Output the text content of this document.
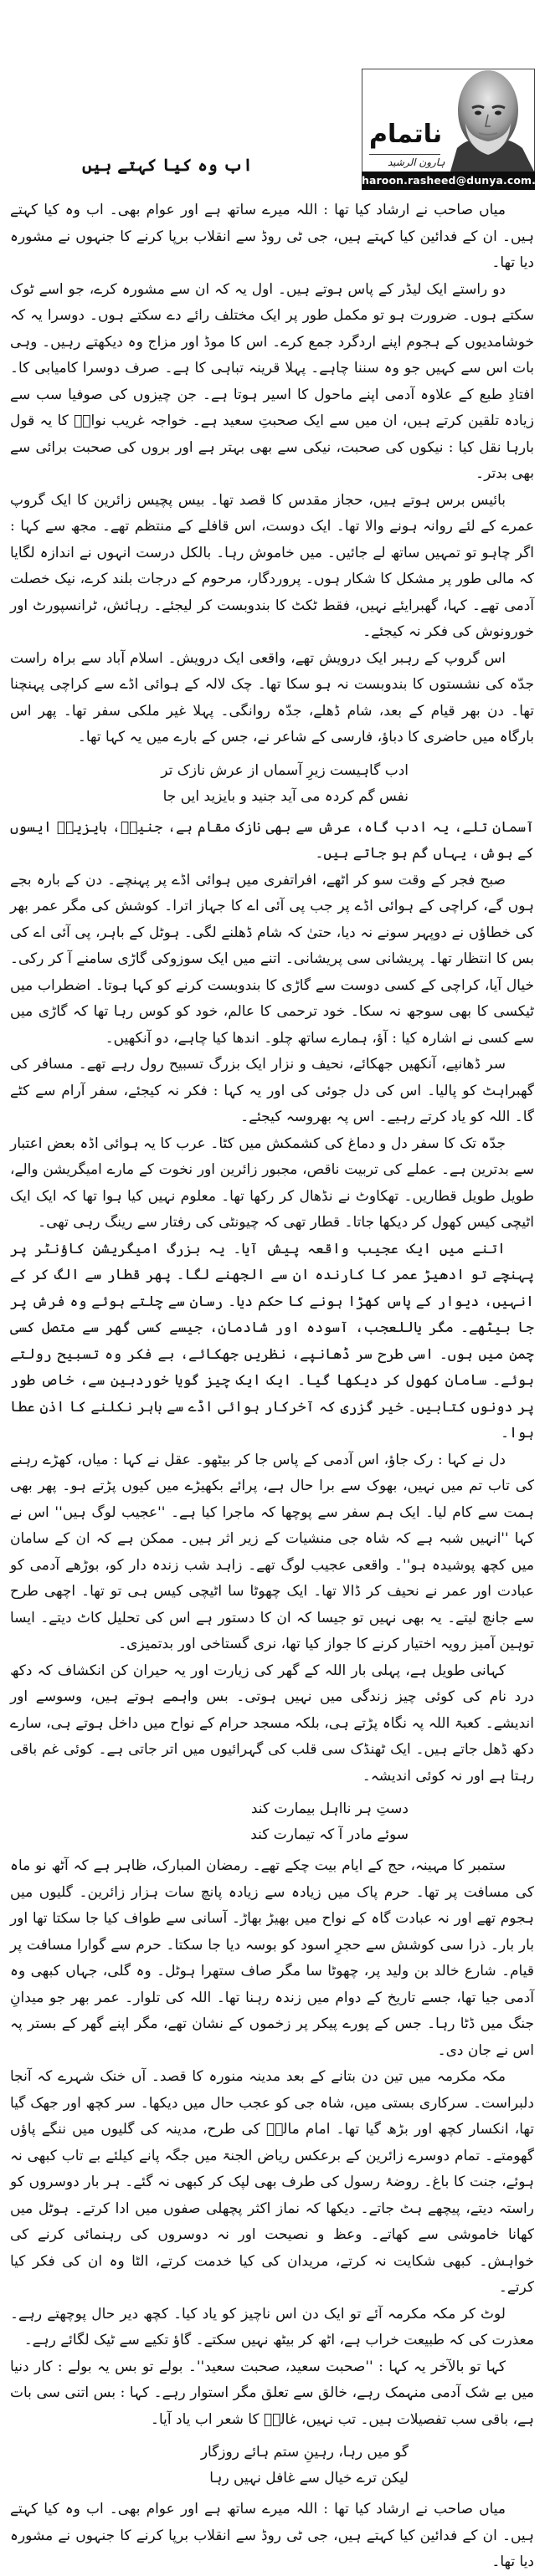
ناتمام
ہارون الرشید
haroon.rasheed@dunya.com.pk
اب وہ کیا کہتے ہیں

میاں صاحب نے ارشاد کیا تھا : اللہ میرے ساتھ ہے اور عوام بھی۔ اب وہ کیا کہتے ہیں۔ ان کے فدائین کیا کہتے ہیں، جی ٹی روڈ سے انقلاب برپا کرنے کا جنہوں نے مشورہ دیا تھا۔

دو راستے ایک لیڈر کے پاس ہوتے ہیں۔ اول یہ کہ ان سے مشورہ کرے، جو اسے ٹوک سکتے ہوں۔ ضرورت ہو تو مکمل طور پر ایک مختلف رائے دے سکتے ہوں۔ دوسرا یہ کہ خوشامدیوں کے ہجوم اپنے اردگرد جمع کرے۔ اس کا موڈ اور مزاج وہ دیکھتے رہیں۔ وہی بات اس سے کہیں جو وہ سننا چاہے۔ پہلا قرینہ تباہی کا ہے۔ صرف دوسرا کامیابی کا۔ افتادِ طبع کے علاوہ آدمی اپنے ماحول کا اسیر ہوتا ہے۔ جن چیزوں کی صوفیا سب سے زیادہ تلقین کرتے ہیں، ان میں سے ایک صحبتِ سعید ہے۔ خواجہ غریب نوازؒ کا یہ قول بارہا نقل کیا : نیکوں کی صحبت، نیکی سے بھی بہتر ہے اور بروں کی صحبت برائی سے بھی بدتر۔

بائیس برس ہوتے ہیں، حجاز مقدس کا قصد تھا۔ بیس پچیس زائرین کا ایک گروپ عمرے کے لئے روانہ ہونے والا تھا۔ ایک دوست، اس قافلے کے منتظم تھے۔ مجھ سے کہا : اگر چاہو تو تمہیں ساتھ لے جائیں۔ میں خاموش رہا۔ بالکل درست انہوں نے اندازہ لگایا کہ مالی طور پر مشکل کا شکار ہوں۔ پروردگار، مرحوم کے درجات بلند کرے، نیک خصلت آدمی تھے۔ کہا، گھبرایئے نہیں، فقط ٹکٹ کا بندوبست کر لیجئے۔ رہائش، ٹرانسپورٹ اور خورونوش کی فکر نہ کیجئے۔

اس گروپ کے رہبر ایک درویش تھے، واقعی ایک درویش۔ اسلام آباد سے براہ راست جدّہ کی نشستوں کا بندوبست نہ ہو سکا تھا۔ چک لالہ کے ہوائی اڈے سے کراچی پہنچنا تھا۔ دن بھر قیام کے بعد، شام ڈھلے، جدّہ روانگی۔ پہلا غیر ملکی سفر تھا۔ پھر اس بارگاہ میں حاضری کا دباؤ، فارسی کے شاعر نے، جس کے بارے میں یہ کہا تھا۔

ادب گاہیست زیرِ آسماں از عرش نازک تر
نفس گم کردہ می آید جنید و بایزید ایں جا

آسمان تلے، یہ ادب گاہ، عرش سے بھی نازک مقام ہے، جنیدؒ، بایزیدؒ ایسوں کے ہوش، یہاں گم ہو جاتے ہیں۔

صبح فجر کے وقت سو کر اٹھے، افراتفری میں ہوائی اڈے پر پہنچے۔ دن کے بارہ بجے ہوں گے، کراچی کے ہوائی اڈے پر جب پی آئی اے کا جہاز اترا۔ کوشش کی مگر عمر بھر کی خطاؤں نے دوپہر سونے نہ دیا، حتیٰ کہ شام ڈھلنے لگی۔ ہوٹل کے باہر، پی آئی اے کی بس کا انتظار تھا۔ پریشانی سی پریشانی۔ اتنے میں ایک سوزوکی گاڑی سامنے آ کر رکی۔ خیال آیا، کراچی کے کسی دوست سے گاڑی کا بندوبست کرنے کو کہا ہوتا۔ اضطراب میں ٹیکسی کا بھی سوجھ نہ سکا۔ خود ترحمی کا عالم، خود کو کوس رہا تھا کہ گاڑی میں سے کسی نے اشارہ کیا : آؤ، ہمارے ساتھ چلو۔ اندھا کیا چاہے، دو آنکھیں۔

سر ڈھانپے، آنکھیں جھکائے، نحیف و نزار ایک بزرگ تسبیح رول رہے تھے۔ مسافر کی گھبراہٹ کو پالیا۔ اس کی دل جوئی کی اور یہ کہا : فکر نہ کیجئے، سفر آرام سے کٹے گا۔ اللہ کو یاد کرتے رہیے۔ اس پہ بھروسہ کیجئے۔

جدّہ تک کا سفر دل و دماغ کی کشمکش میں کٹا۔ عرب کا یہ ہوائی اڈہ بعض اعتبار سے بدترین ہے۔ عملے کی تربیت ناقص، مجبور زائرین اور نخوت کے مارے امیگریشن والے، طویل طویل قطاریں۔ تھکاوٹ نے نڈھال کر رکھا تھا۔ معلوم نہیں کیا ہوا تھا کہ ایک ایک اٹیچی کیس کھول کر دیکھا جاتا۔ قطار تھی کہ چیونٹی کی رفتار سے رینگ رہی تھی۔

اتنے میں ایک عجیب واقعہ پیش آیا۔ یہ بزرگ امیگریشن کاؤنٹر پر پہنچے تو ادھیڑ عمر کا کارندہ ان سے الجھنے لگا۔ پھر قطار سے الگ کر کے انہیں، دیوار کے پاس کھڑا ہونے کا حکم دیا۔ رسان سے چلتے ہوئے وہ فرش پر جا بیٹھے۔ مگر یاللعجب، آسودہ اور شادمان، جیسے کسی گھر سے متصل کسی چمن میں ہوں۔ اسی طرح سر ڈھانپے، نظریں جھکائے، بے فکر وہ تسبیح رولتے ہوئے۔ سامان کھول کر دیکھا گیا۔ ایک ایک چیز گویا خوردبین سے، خاص طور پر دونوں کتابیں۔ خیر گزری کہ آخرکار ہوائی اڈے سے باہر نکلنے کا اذن عطا ہوا۔

دل نے کہا : رک جاؤ، اس آدمی کے پاس جا کر بیٹھو۔ عقل نے کہا : میاں، کھڑے رہنے کی تاب تم میں نہیں، بھوک سے برا حال ہے، پرائے بکھیڑے میں کیوں پڑتے ہو۔ پھر بھی ہمت سے کام لیا۔ ایک ہم سفر سے پوچھا کہ ماجرا کیا ہے۔ ''عجیب لوگ ہیں'' اس نے کہا ''انہیں شبہ ہے کہ شاہ جی منشیات کے زیر اثر ہیں۔ ممکن ہے کہ ان کے سامان میں کچھ پوشیدہ ہو''۔ واقعی عجیب لوگ تھے۔ زاہد شب زندہ دار کو، بوڑھے آدمی کو عبادت اور عمر نے نحیف کر ڈالا تھا۔ ایک چھوٹا سا اٹیچی کیس ہی تو تھا۔ اچھی طرح سے جانچ لیتے۔ یہ بھی نہیں تو جیسا کہ ان کا دستور ہے اس کی تحلیل کاٹ دیتے۔ ایسا توہین آمیز رویہ اختیار کرنے کا جواز کیا تھا، نری گستاخی اور بدتمیزی۔

کہانی طویل ہے، پہلی بار اللہ کے گھر کی زیارت اور یہ حیران کن انکشاف کہ دکھ درد نام کی کوئی چیز زندگی میں نہیں ہوتی۔ بس واہمے ہوتے ہیں، وسوسے اور اندیشے۔ کعبۃ اللہ پہ نگاہ پڑتے ہی، بلکہ مسجد حرام کے نواح میں داخل ہوتے ہی، سارے دکھ ڈھل جاتے ہیں۔ ایک ٹھنڈک سی قلب کی گہرائیوں میں اتر جاتی ہے۔ کوئی غم باقی رہتا ہے اور نہ کوئی اندیشہ۔

دستِ ہر نااہل بیمارت کند
سوئے مادر آ کہ تیمارت کند

ستمبر کا مہینہ، حج کے ایام بیت چکے تھے۔ رمضان المبارک، ظاہر ہے کہ آٹھ نو ماہ کی مسافت پر تھا۔ حرم پاک میں زیادہ سے زیادہ پانچ سات ہزار زائرین۔ گلیوں میں ہجوم تھے اور نہ عبادت گاہ کے نواح میں بھیڑ بھاڑ۔ آسانی سے طواف کیا جا سکتا تھا اور بار بار۔ ذرا سی کوشش سے حجرِ اسود کو بوسہ دیا جا سکتا۔ حرم سے گوارا مسافت پر قیام۔ شارع خالد بن ولید پر، چھوٹا سا مگر صاف ستھرا ہوٹل۔ وہ گلی، جہاں کبھی وہ آدمی جیا تھا، جسے تاریخ کے دوام میں زندہ رہنا تھا۔ اللہ کی تلوار۔ عمر بھر جو میدانِ جنگ میں ڈٹا رہا۔ جس کے پورے پیکر پر زخموں کے نشان تھے، مگر اپنے گھر کے بستر پہ اس نے جان دی۔

مکہ مکرمہ میں تین دن بتانے کے بعد مدینہ منورہ کا قصد۔ آں خنک شہرے کہ آنجا دلبراست۔ سرکاری بستی میں، شاہ جی کو عجب حال میں دیکھا۔ سر کچھ اور جھک گیا تھا، انکسار کچھ اور بڑھ گیا تھا۔ امام مالکؒ کی طرح، مدینہ کی گلیوں میں ننگے پاؤں گھومتے۔ تمام دوسرے زائرین کے برعکس ریاض الجنۃ میں جگہ پانے کیلئے بے تاب کبھی نہ ہوئے، جنت کا باغ۔ روضۂ رسول کی طرف بھی لپک کر کبھی نہ گئے۔ ہر بار دوسروں کو راستہ دیتے، پیچھے ہٹ جاتے۔ دیکھا کہ نماز اکثر پچھلی صفوں میں ادا کرتے۔ ہوٹل میں کھانا خاموشی سے کھاتے۔ وعظ و نصیحت اور نہ دوسروں کی رہنمائی کرنے کی خواہش۔ کبھی شکایت نہ کرتے، مریدان کی کیا خدمت کرتے، الٹا وہ ان کی فکر کیا کرتے۔

لوٹ کر مکہ مکرمہ آئے تو ایک دن اس ناچیز کو یاد کیا۔ کچھ دیر حال پوچھتے رہے۔ معذرت کی کہ طبیعت خراب ہے، اٹھ کر بیٹھ نہیں سکتے۔ گاؤ تکیے سے ٹیک لگائے رہے۔

کہا تو بالآخر یہ کہا : ''صحبت سعید، صحبت سعید''۔ بولے تو بس یہ بولے : کار دنیا میں بے شک آدمی منہمک رہے، خالق سے تعلق مگر استوار رہے۔ کہا : بس اتنی سی بات ہے، باقی سب تفصیلات ہیں۔ تب نہیں، غالبؔ کا شعر اب یاد آیا۔

گو میں رہا، رہینِ ستم ہائے روزگار
لیکن ترے خیال سے غافل نہیں رہا

میاں صاحب نے ارشاد کیا تھا : اللہ میرے ساتھ ہے اور عوام بھی۔ اب وہ کیا کہتے ہیں۔ ان کے فدائین کیا کہتے ہیں، جی ٹی روڈ سے انقلاب برپا کرنے کا جنہوں نے مشورہ دیا تھا۔
